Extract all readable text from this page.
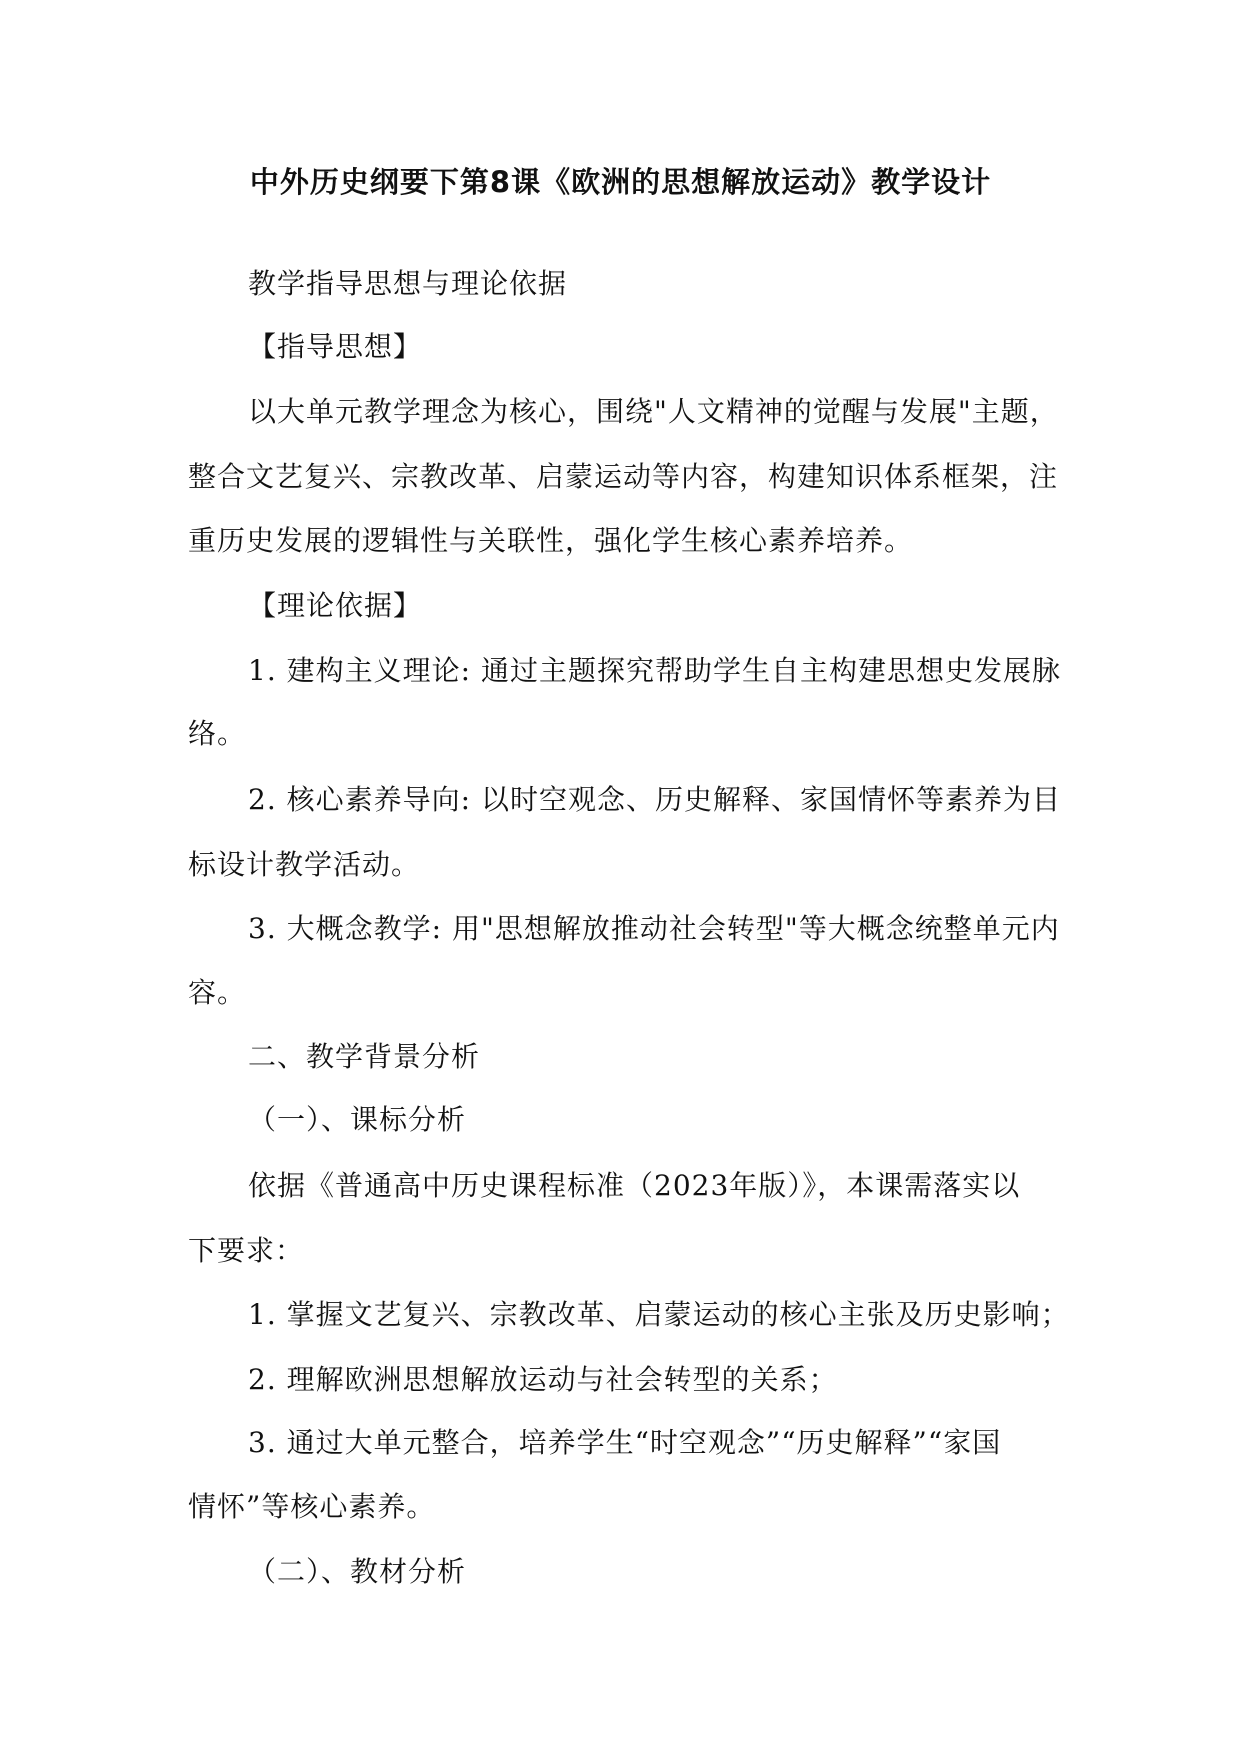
中外历史纲要下第8课《欧洲的思想解放运动》教学设计
教学指导思想与理论依据
【指导思想】
以大单元教学理念为核心，围绕"人文精神的觉醒与发展"主题，
整合文艺复兴、宗教改革、启蒙运动等内容，构建知识体系框架，注
重历史发展的逻辑性与关联性，强化学生核心素养培养。
【理论依据】
1. 建构主义理论: 通过主题探究帮助学生自主构建思想史发展脉
络。
2. 核心素养导向: 以时空观念、历史解释、家国情怀等素养为目
标设计教学活动。
3. 大概念教学: 用"思想解放推动社会转型"等大概念统整单元内
容。
二、教学背景分析
（一）、课标分析
依据《普通高中历史课程标准（2023年版）》，本课需落实以
下要求：
1. 掌握文艺复兴、宗教改革、启蒙运动的核心主张及历史影响；
2. 理解欧洲思想解放运动与社会转型的关系；
3. 通过大单元整合，培养学生“时空观念”“历史解释”“家国
情怀”等核心素养。
（二）、教材分析
